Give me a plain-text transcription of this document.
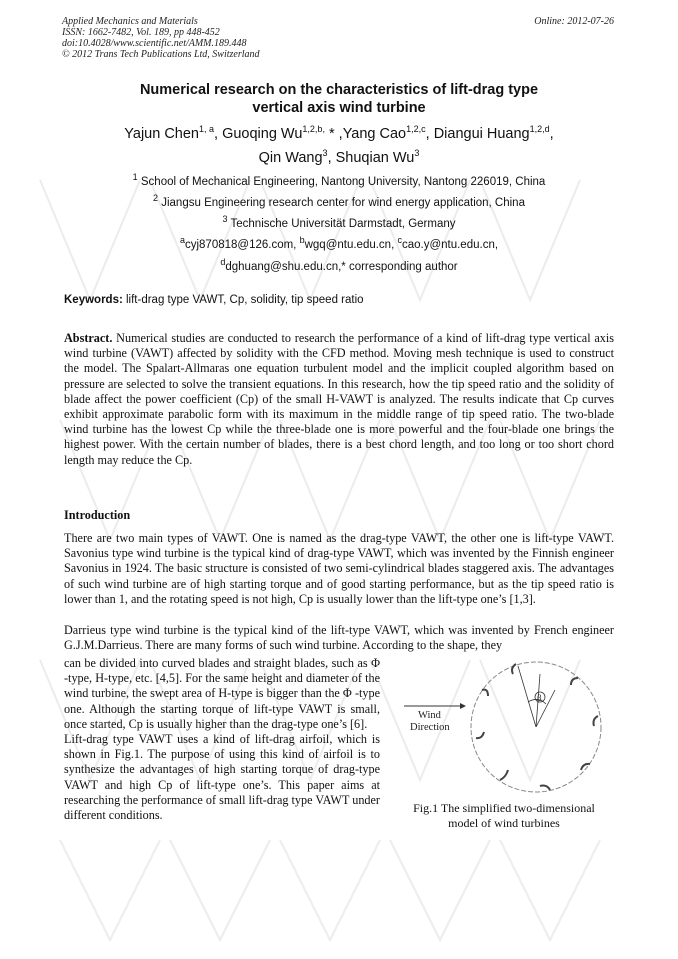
Applied Mechanics and Materials
ISSN: 1662-7482, Vol. 189, pp 448-452
doi:10.4028/www.scientific.net/AMM.189.448
© 2012 Trans Tech Publications Ltd, Switzerland
Online: 2012-07-26
Numerical research on the characteristics of lift-drag type
vertical axis wind turbine
Yajun Chen$^{1, a}$, Guoqing $Wu^{1,2,b,}$ * ,Yang Cao$^{1,2,c}$, Diangui Huang$^{1,2,d}$,
Qin Wang$^3$, Shuqian Wu$^3$
$^1$ School of Mechanical Engineering, Nantong University, Nantong 226019, China
$^2$ Jiangsu Engineering research center for wind energy application, China
$^3$ Technische Universität Darmstadt, Germany
$^a$cyj870818@126.com, $^b$wgq@ntu.edu.cn, $^c$cao.y@ntu.edu.cn,
$^d$dghuang@shu.edu.cn,* corresponding author
Keywords: lift-drag type VAWT, Cp, solidity, tip speed ratio
Abstract. Numerical studies are conducted to research the performance of a kind of lift-drag type vertical axis wind turbine (VAWT) affected by solidity with the CFD method. Moving mesh technique is used to construct the model. The Spalart-Allmaras one equation turbulent model and the implicit coupled algorithm based on pressure are selected to solve the transient equations. In this research, how the tip speed ratio and the solidity of blade affect the power coefficient (Cp) of the small H-VAWT is analyzed. The results indicate that Cp curves exhibit approximate parabolic form with its maximum in the middle range of tip speed ratio. The two-blade wind turbine has the lowest Cp while the three-blade one is more powerful and the four-blade one brings the highest power. With the certain number of blades, there is a best chord length, and too long or too short chord length may reduce the Cp.
Introduction
There are two main types of VAWT. One is named as the drag-type VAWT, the other one is lift-type VAWT. Savonius type wind turbine is the typical kind of drag-type VAWT, which was invented by the Finnish engineer Savonius in 1924. The basic structure is consisted of two semi-cylindrical blades staggered axis. The advantages of such wind turbine are of high starting torque and of good starting performance, but as the tip speed ratio is lower than 1, and the rotating speed is not high, Cp is usually lower than the lift-type one’s [1,3].
Darrieus type wind turbine is the typical kind of the lift-type VAWT, which was invented by French engineer G.J.M.Darrieus. There are many forms of such wind turbine. According to the shape, they
can be divided into curved blades and straight blades, such as Φ -type, H-type, etc. [4,5]. For the same height and diameter of the wind turbine, the swept area of H-type is bigger than the Φ -type one. Although the starting torque of lift-type VAWT is small, once started, Cp is usually higher than the drag-type one’s [6].
Lift-drag type VAWT uses a kind of lift-drag airfoil, which is shown in Fig.1. The purpose of using this kind of airfoil is to synthesize the advantages of high starting torque of drag-type VAWT and high Cp of lift-type one’s. This paper aims at researching the performance of small lift-drag type VAWT under different conditions.
β
Wind
Direction
Fig.1 The simplified two-dimensional
model of wind turbines
